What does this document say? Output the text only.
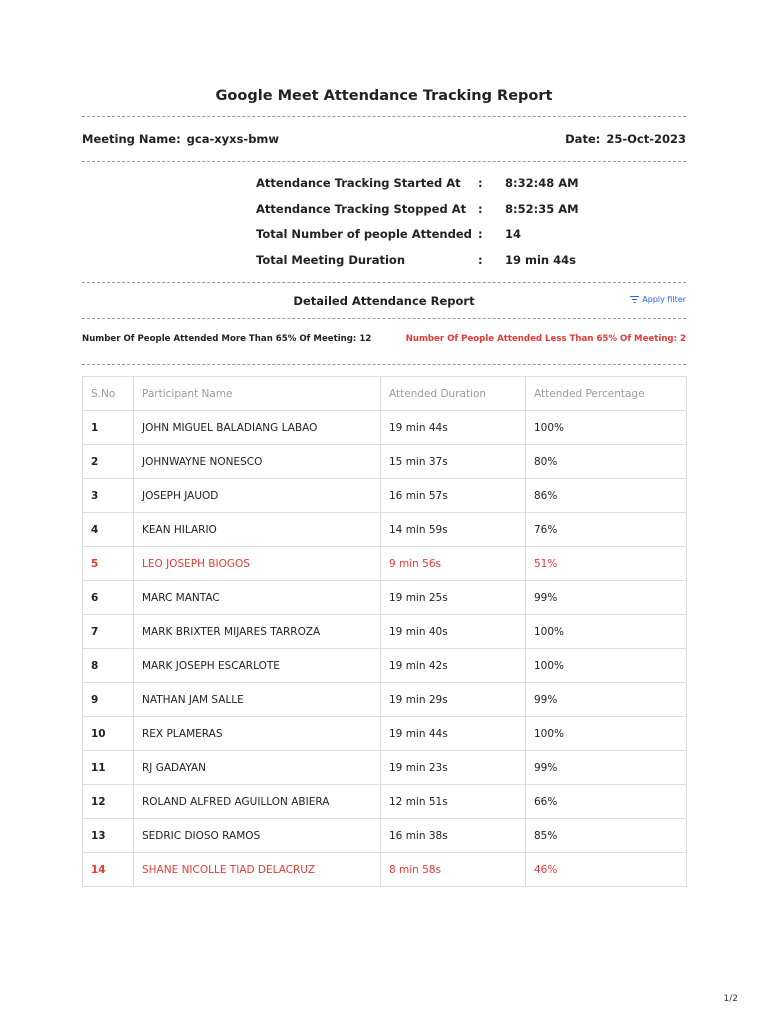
Google Meet Attendance Tracking Report
Meeting Name: gca-xyxs-bmw	Date: 25-Oct-2023
Attendance Tracking Started At : 8:32:48 AM
Attendance Tracking Stopped At : 8:52:35 AM
Total Number of people Attended : 14
Total Meeting Duration	: 19 min 44s
Detailed Attendance Report	Apply filter
Number Of People Attended More Than 65% Of Meeting: 12	Number Of People Attended Less Than 65% Of Meeting: 2
S.No	Participant Name	Attended Duration	Attended Percentage
1	JOHN MIGUEL BALADIANG LABAO	19 min 44s	100%
2	JOHNWAYNE NONESCO	15 min 37s	80%
3	JOSEPH JAUOD	16 min 57s	86%
4	KEAN HILARIO	14 min 59s	76%
5	LEO JOSEPH BIOGOS	9 min 56s	51%
6	MARC MANTAC	19 min 25s	99%
7	MARK BRIXTER MIJARES TARROZA	19 min 40s	100%
8	MARK JOSEPH ESCARLOTE	19 min 42s	100%
9	NATHAN JAM SALLE	19 min 29s	99%
10	REX PLAMERAS	19 min 44s	100%
11	RJ GADAYAN	19 min 23s	99%
12	ROLAND ALFRED AGUILLON ABIERA	12 min 51s	66%
13	SEDRIC DIOSO RAMOS	16 min 38s	85%
14	SHANE NICOLLE TIAD DELACRUZ	8 min 58s	46%
1/2
